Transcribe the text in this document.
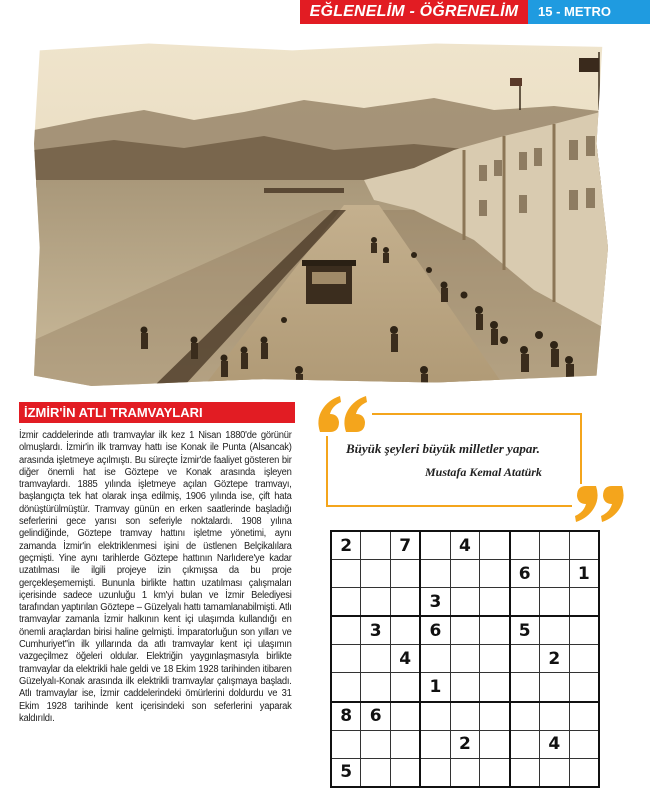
EĞLENELİM - ÖĞRENELİM	15 - METRO
İZMİR'İN ATLI TRAMVAYLARI
İzmir caddelerinde atlı tramvaylar ilk kez 1 Nisan 1880'de görünür olmuşlardı. İzmir'in ilk tramvay hattı ise Konak ile Punta (Alsancak) arasında işletmeye açılmıştı. Bu süreçte İzmir'de faaliyet gösteren bir diğer önemli hat ise Göztepe ve Konak arasında işleyen tramvaylardı. 1885 yılında işletmeye açılan Göztepe tramvayı, başlangıçta tek hat olarak inşa edilmiş, 1906 yılında ise, çift hata dönüştürülmüştür. Tramvay günün en erken saatlerinde başladığı seferlerini gece yarısı son seferiyle noktalardı. 1908 yılına gelindiğinde, Göztepe tramvay hattını işletme yönetimi, aynı zamanda İzmir'in elektriklenmesi işini de üstlenen Belçikalılara geçmişti. Yine aynı tarihlerde Göztepe hattının Narlıdere'ye kadar uzatılması ile ilgili projeye izin çıkmışsa da bu proje gerçekleşememişti. Bununla birlikte hattın uzatılması çalışmaları içerisinde sadece uzunluğu 1 km'yi bulan ve İzmir Belediyesi tarafından yaptırılan Göztepe – Güzelyalı hattı tamamlanabilmişti. Atlı tramvaylar zamanla İzmir halkının kent içi ulaşımda kullandığı en önemli araçlardan birisi haline gelmişti. İmparatorluğun son yılları ve Cumhuriyet''in ilk yıllarında da atlı tramvaylar kent içi ulaşımın vazgeçilmez öğeleri oldular. Elektriğin yaygınlaşmasıyla birlikte tramvaylar da elektrikli hale geldi ve 18 Ekim 1928 tarihinden itibaren Güzelyalı-Konak arasında ilk elektrikli tramvaylar çalışmaya başladı. Atlı tramvaylar ise, İzmir caddelerindeki ömürlerini doldurdu ve 31 Ekim 1928 tarihinde kent içerisindeki son seferlerini yaparak kaldırıldı.
Büyük şeyleri büyük milletler yapar.
Mustafa Kemal Atatürk
2		7		4				
						6		1
			3					
	3		6			5		
		4					2	
			1					
8	6							
				2			4	
5								
